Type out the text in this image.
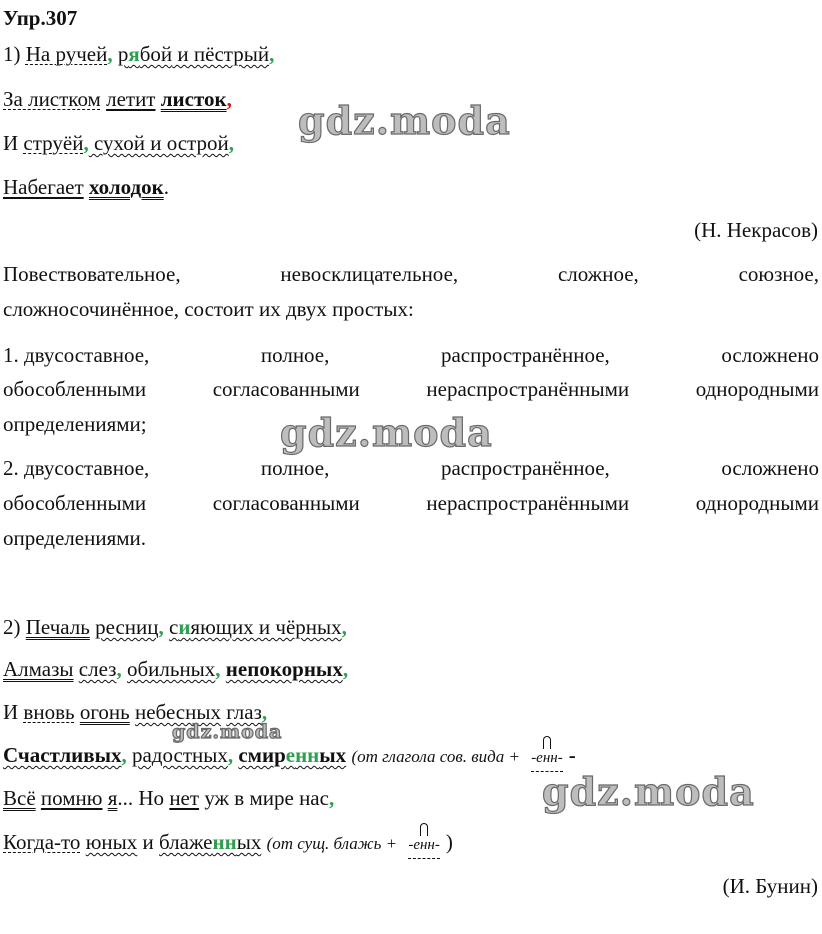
Упр.307
1) На ручей, рябой и пёстрый,
За листком летит листок,
И струёй, сухой и острой,
Набегает холодок.
(Н. Некрасов)
Повествовательное,	невосклицательное,	сложное,	союзное,
сложносочинённое, состоит их двух простых:
1. двусоставное,	полное,	распространённое,	осложнено
обособленными	согласованными	нераспространёнными	однородными
определениями;
2. двусоставное,	полное,	распространённое,	осложнено
обособленными	согласованными	нераспространёнными	однородными
определениями.
2) Печаль ресниц, сияющих и чёрных,
Алмазы слез, обильных, непокорных,
И вновь огонь небесных глаз,
Счастливых, радостных, смиренных (от глагола сов. вида + -енн- -
Всё помню я... Но нет уж в мире нас,
Когда-то юных и блаженных (от сущ. блажь + -енн- )
(И. Бунин)
gdz.moda
gdz.moda
gdz.moda
gdz.moda
